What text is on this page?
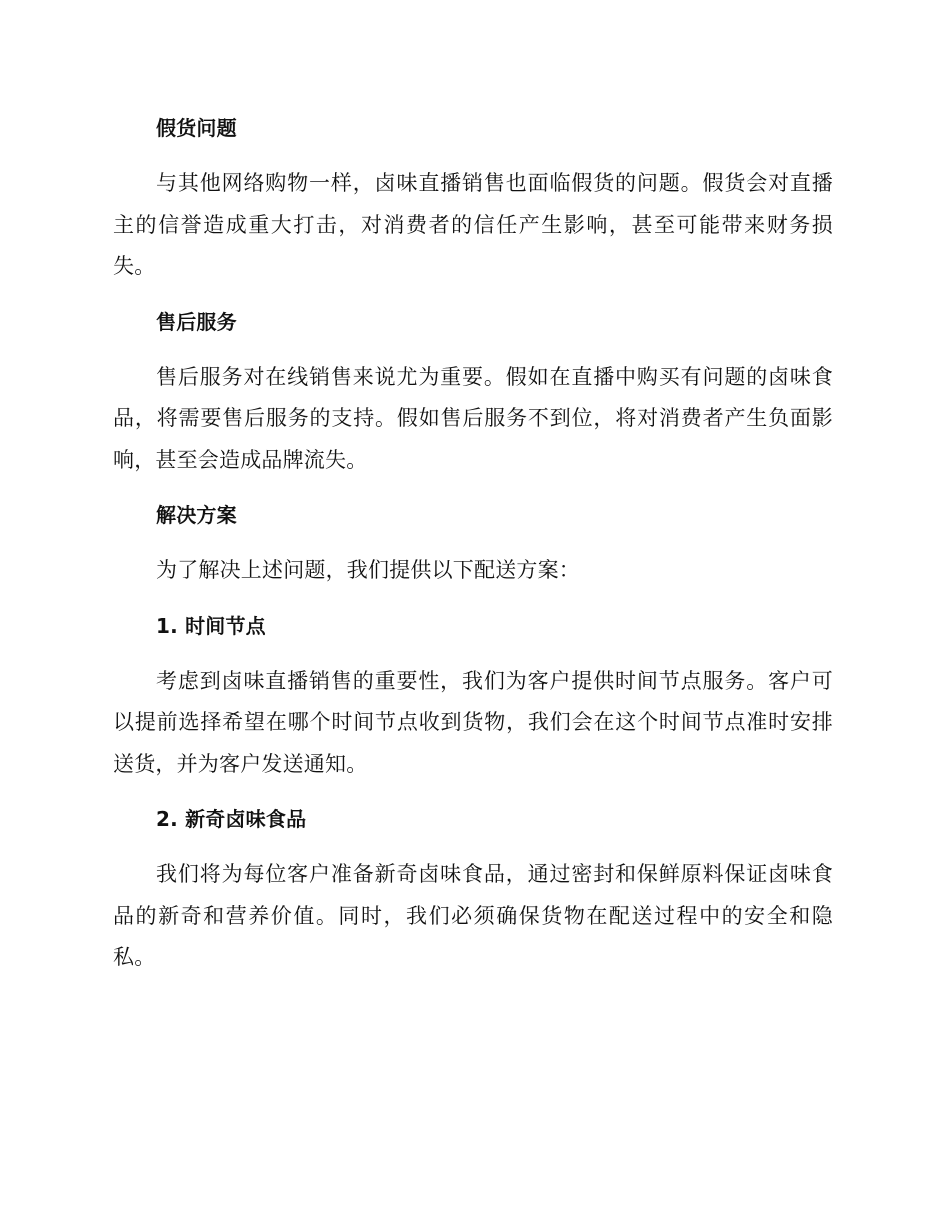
假货问题

与其他网络购物一样，卤味直播销售也面临假货的问题。假货会对直播主的信誉造成重大打击，对消费者的信任产生影响，甚至可能带来财务损失。

售后服务

售后服务对在线销售来说尤为重要。假如在直播中购买有问题的卤味食品，将需要售后服务的支持。假如售后服务不到位，将对消费者产生负面影响，甚至会造成品牌流失。

解决方案

为了解决上述问题，我们提供以下配送方案：

1. 时间节点

考虑到卤味直播销售的重要性，我们为客户提供时间节点服务。客户可以提前选择希望在哪个时间节点收到货物，我们会在这个时间节点准时安排送货，并为客户发送通知。

2. 新奇卤味食品

我们将为每位客户准备新奇卤味食品，通过密封和保鲜原料保证卤味食品的新奇和营养价值。同时，我们必须确保货物在配送过程中的安全和隐私。
